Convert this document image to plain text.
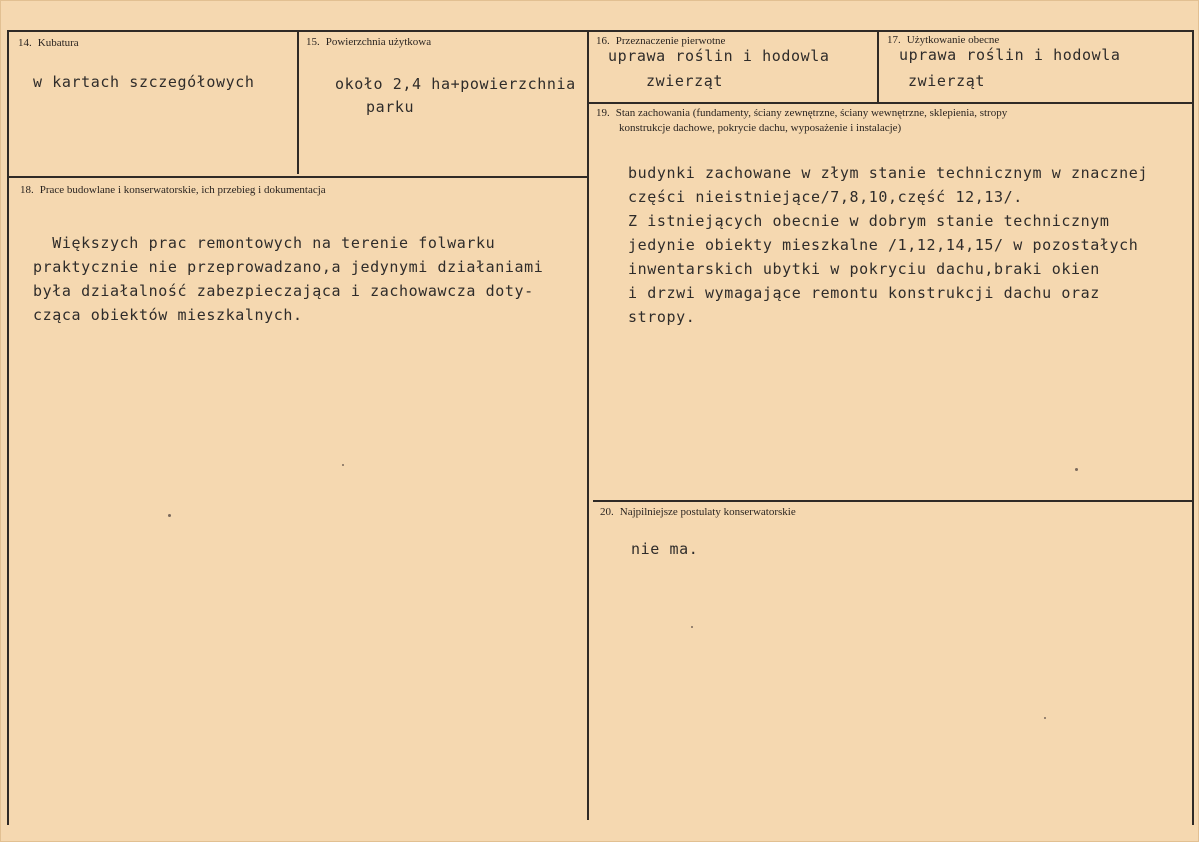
14. Kubatura
w kartach szczegółowych
15. Powierzchnia użytkowa
około 2,4 ha+powierzchnia
parku
16. Przeznaczenie pierwotne
uprawa roślin i hodowla
zwierząt
17. Użytkowanie obecne
uprawa roślin i hodowla
zwierząt
18. Prace budowlane i konserwatorskie, ich przebieg i dokumentacja
Większych prac remontowych na terenie folwarku
praktycznie nie przeprowadzano,a jedynymi działaniami
była działalność zabezpieczająca i zachowawcza doty-
cząca obiektów mieszkalnych.
19. Stan zachowania (fundamenty, ściany zewnętrzne, ściany wewnętrzne, sklepienia, stropy
konstrukcje dachowe, pokrycie dachu, wyposażenie i instalacje)
budynki zachowane w złym stanie technicznym w znacznej
części nieistniejące/7,8,10,część 12,13/.
Z istniejących obecnie w dobrym stanie technicznym
jedynie obiekty mieszkalne /1,12,14,15/ w pozostałych
inwentarskich ubytki w pokryciu dachu,braki okien
i drzwi wymagające remontu konstrukcji dachu oraz
stropy.
20. Najpilniejsze postulaty konserwatorskie
nie ma.
